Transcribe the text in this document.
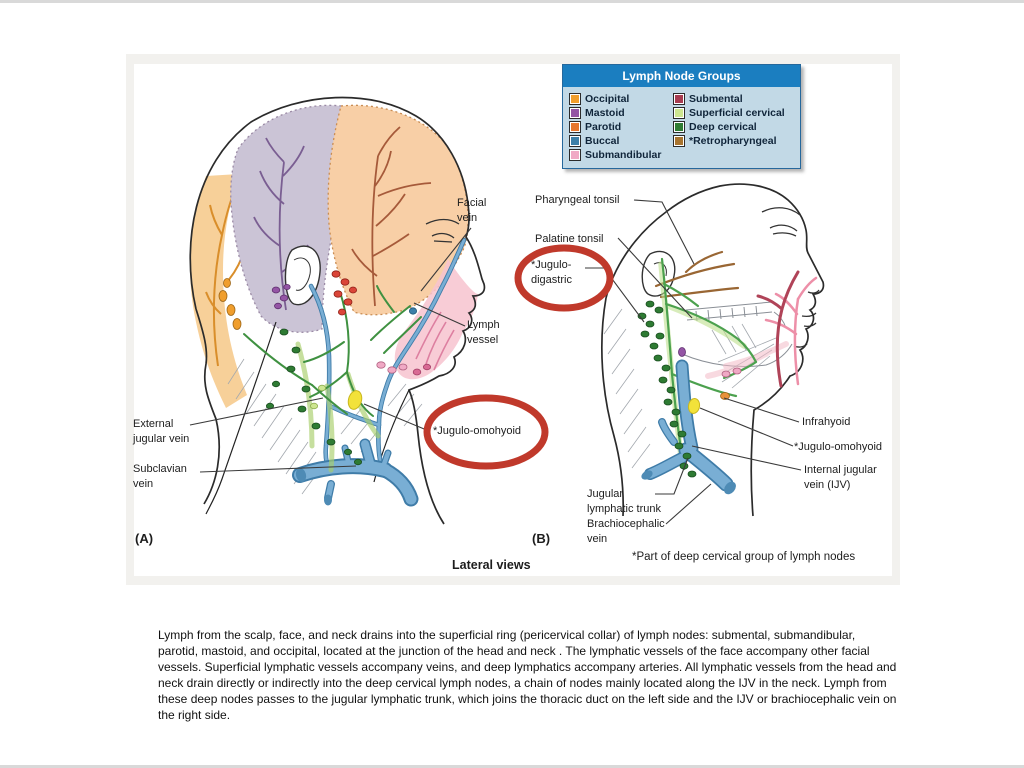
Lymph Node Groups
Occipital
Mastoid
Parotid
Buccal
Submandibular
Submental
Superficial cervical
Deep cervical
*Retropharyngeal
Facial
vein
Lymph
vessel
External
jugular vein
Subclavian
vein
*Jugulo-omohyoid
(A)
Pharyngeal tonsil
Palatine tonsil
*Jugulo-
digastric
Infrahyoid
*Jugulo-omohyoid
Internal jugular
vein (IJV)
Jugular
lymphatic trunk
Brachiocephalic
vein
(B)
*Part of deep cervical group of lymph nodes
Lateral views
Lymph from the scalp, face, and neck drains into the superficial ring (pericervical collar) of lymph nodes: submental, submandibular, parotid, mastoid, and occipital, located at the junction of the head and neck . The lymphatic vessels of the face accompany other facial vessels. Superficial lymphatic vessels accompany veins, and deep lymphatics accompany arteries. All lymphatic vessels from the head and neck drain directly or indirectly into the deep cervical lymph nodes, a chain of nodes mainly located along the IJV in the neck. Lymph from these deep nodes passes to the jugular lymphatic trunk, which joins the thoracic duct on the left side and the IJV or brachiocephalic vein on the right side.
